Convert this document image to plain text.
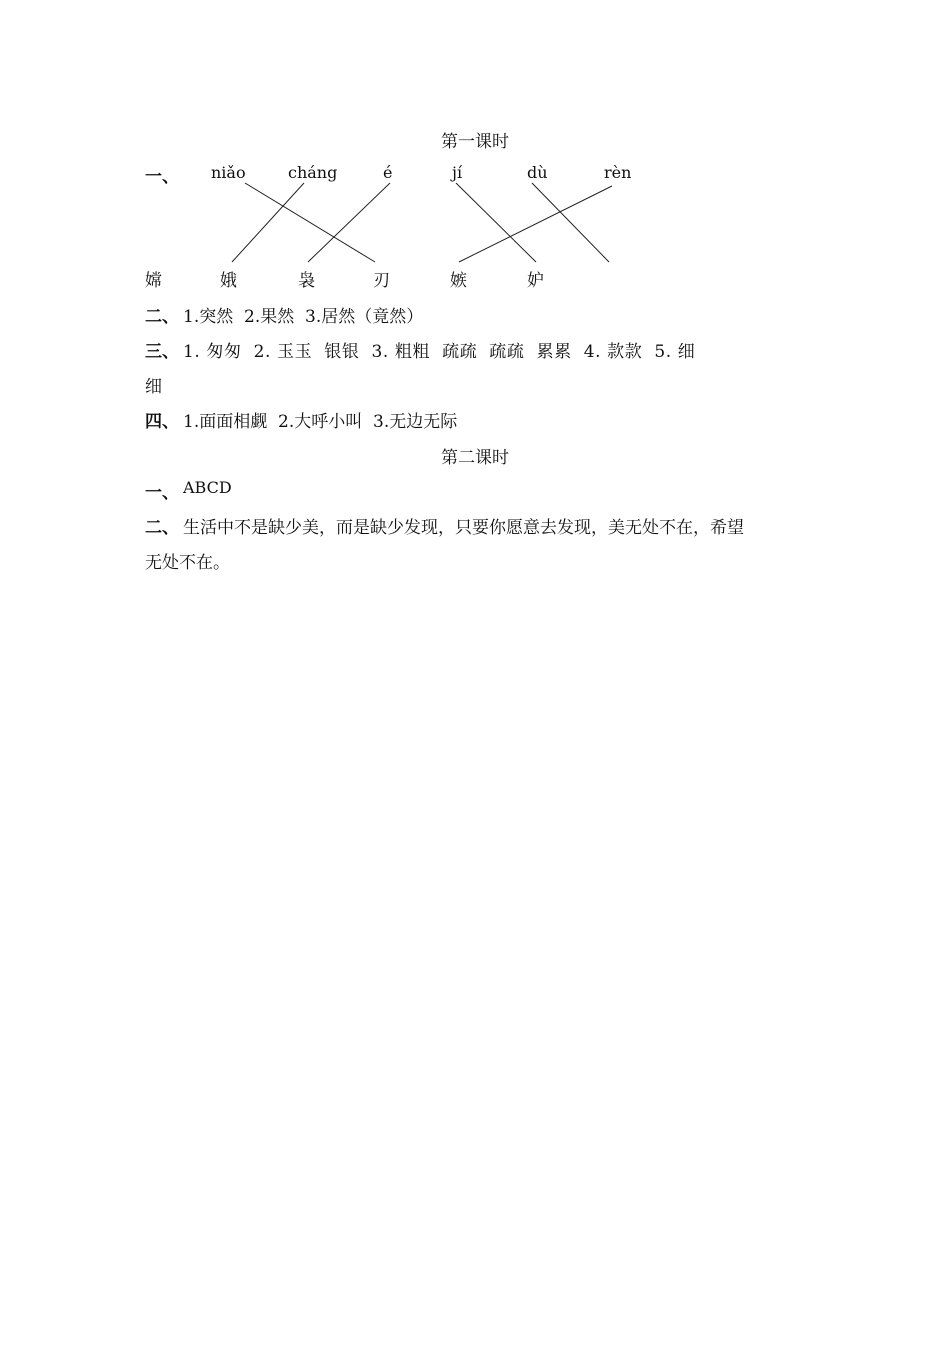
第一课时
一、 niǎo	cháng	é	jí	dù	rèn
嫦	娥	袅	刃	嫉	妒
二、 1.突然  2.果然  3.居然（竟然）
三、 1. 匆匆  2. 玉玉  银银  3. 粗粗  疏疏  疏疏  累累  4. 款款  5. 细
细
四、 1.面面相觑  2.大呼小叫  3.无边无际
第二课时
一、 ABCD
二、 生活中不是缺少美，而是缺少发现，只要你愿意去发现，美无处不在，希望
无处不在。
